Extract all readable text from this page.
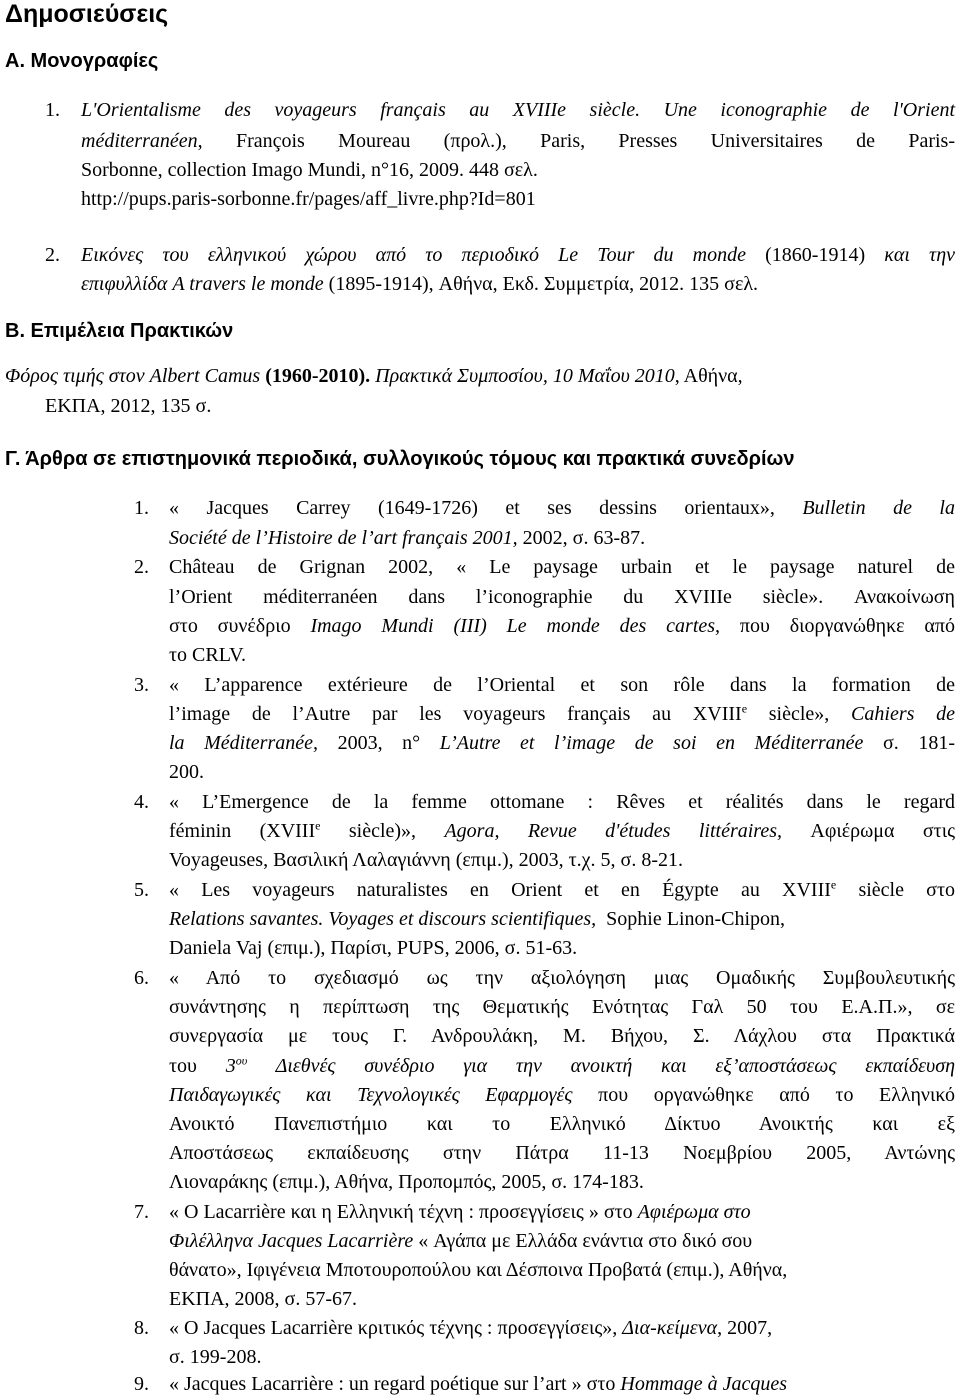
Δημοσιεύσεις
Α. Μονογραφίες
1. L'Orientalisme des voyageurs français au XVIIIe siècle. Une iconographie de l'Orient
méditerranéen, François Moureau (προλ.), Paris, Presses Universitaires de Paris-
Sorbonne, collection Imago Mundi, n°16, 2009. 448 σελ.
http://pups.paris-sorbonne.fr/pages/aff_livre.php?Id=801
2. Εικόνες του ελληνικού χώρου από το περιοδικό Le Tour du monde (1860-1914) και την
επιφυλλίδα A travers le monde (1895-1914), Αθήνα, Εκδ. Συμμετρία, 2012. 135 σελ.
Β. Επιμέλεια Πρακτικών
Φόρος τιμής στον Albert Camus (1960-2010). Πρακτικά Συμποσίου, 10 Μαΐου 2010, Αθήνα,
ΕΚΠΑ, 2012, 135 σ.
Γ. Άρθρα σε επιστημονικά περιοδικά, συλλογικούς τόμους και πρακτικά συνεδρίων
1. « Jacques Carrey (1649-1726) et ses dessins orientaux», Bulletin de la
Société de l’Histoire de l’art français 2001, 2002, σ. 63-87.
2. Château de Grignan 2002, « Le paysage urbain et le paysage naturel de
l’Orient méditerranéen dans l’iconographie du XVIIIe siècle». Ανακοίνωση
στο συνέδριο Imago Mundi (III) Le monde des cartes, που διοργανώθηκε από
το CRLV.
3. « L’apparence extérieure de l’Oriental et son rôle dans la formation de
l’image de l’Autre par les voyageurs français au XVIIIe siècle», Cahiers de
la Méditerranée, 2003, n° L’Autre et l’image de soi en Méditerranée σ. 181-
200.
4. « L’Emergence de la femme ottomane : Rêves et réalités dans le regard
féminin (XVIIIe siècle)», Agora, Revue d'études littéraires, Αφιέρωμα στις
Voyageuses, Βασιλική Λαλαγιάννη (επιμ.), 2003, τ.χ. 5, σ. 8-21.
5. « Les voyageurs naturalistes en Orient et en Égypte au XVIIIe siècle στο
Relations savantes. Voyages et discours scientifiques,  Sophie Linon-Chipon,
Daniela Vaj (επιμ.), Παρίσι, PUPS, 2006, σ. 51-63.
6. « Από το σχεδιασμό ως την αξιολόγηση μιας Ομαδικής Συμβουλευτικής
συνάντησης η περίπτωση της Θεματικής Ενότητας Γαλ 50 του Ε.Α.Π.», σε
συνεργασία με τους Γ. Ανδρουλάκη, Μ. Βήχου, Σ. Λάχλου στα Πρακτικά
του $3^{o\upsilon}$ Διεθνές συνέδριο για την ανοικτή και εξ’αποστάσεως εκπαίδευση
Παιδαγωγικές και Τεχνολογικές Εφαρμογές που οργανώθηκε από το Ελληνικό
Ανοικτό Πανεπιστήμιο και το Ελληνικό Δίκτυο Ανοικτής και εξ
Αποστάσεως εκπαίδευσης στην Πάτρα 11-13 Νοεμβρίου 2005, Αντώνης
Λιοναράκης (επιμ.), Αθήνα, Προπομπός, 2005, σ. 174-183.
7. « Ο Lacarrière και η Ελληνική τέχνη : προσεγγίσεις » στο Αφιέρωμα στο
Φιλέλληνα Jacques Lacarrière « Αγάπα με Ελλάδα ενάντια στο δικό σου
θάνατο», Ιφιγένεια Μποτουροπούλου και Δέσποινα Προβατά (επιμ.), Αθήνα,
ΕΚΠΑ, 2008, σ. 57-67.
8. « Ο Jacques Lacarrière κριτικός τέχνης : προσεγγίσεις», Δια-κείμενα, 2007,
σ. 199-208.
9. « Jacques Lacarrière : un regard poétique sur l’art » στο Hommage à Jacques
